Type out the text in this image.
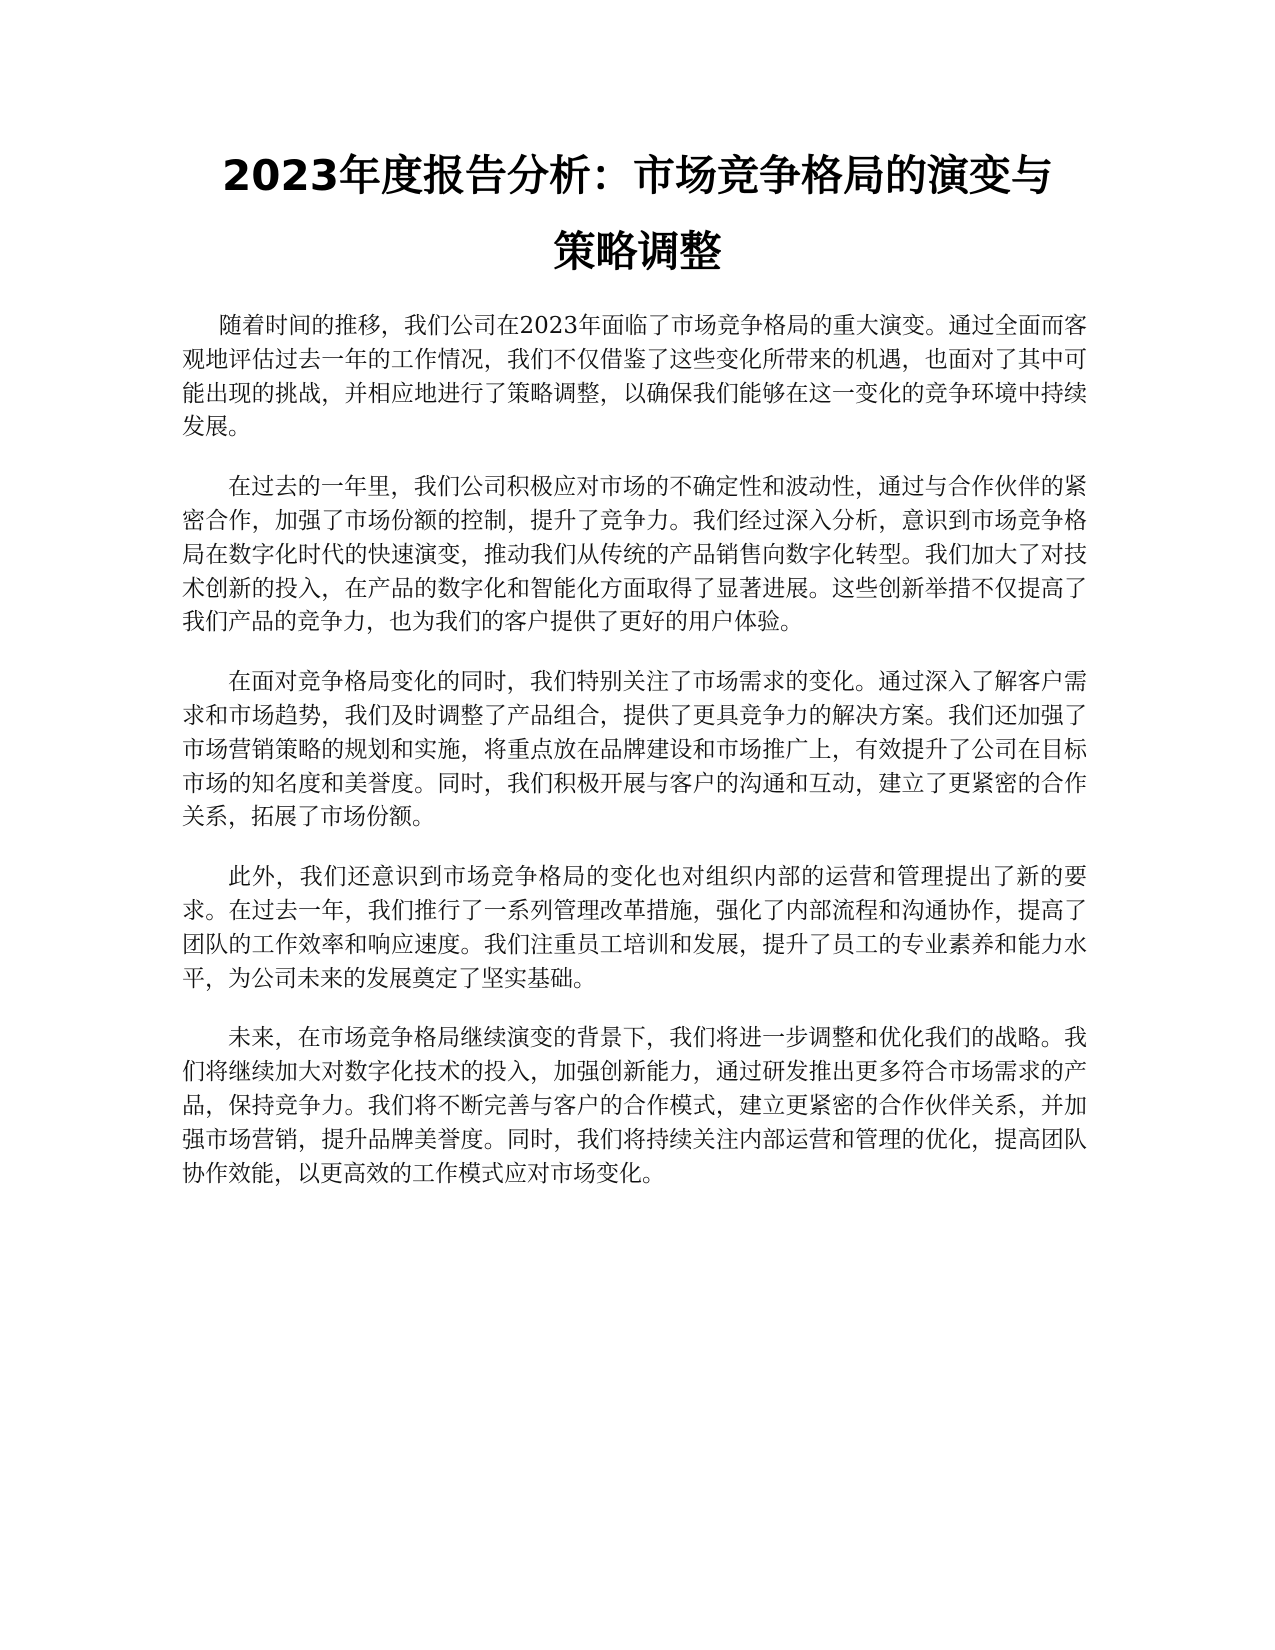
2023年度报告分析：市场竞争格局的演变与
策略调整

随着时间的推移，我们公司在2023年面临了市场竞争格局的重大演变。通过全面而客观地评估过去一年的工作情况，我们不仅借鉴了这些变化所带来的机遇，也面对了其中可能出现的挑战，并相应地进行了策略调整，以确保我们能够在这一变化的竞争环境中持续发展。

在过去的一年里，我们公司积极应对市场的不确定性和波动性，通过与合作伙伴的紧密合作，加强了市场份额的控制，提升了竞争力。我们经过深入分析，意识到市场竞争格局在数字化时代的快速演变，推动我们从传统的产品销售向数字化转型。我们加大了对技术创新的投入，在产品的数字化和智能化方面取得了显著进展。这些创新举措不仅提高了我们产品的竞争力，也为我们的客户提供了更好的用户体验。

在面对竞争格局变化的同时，我们特别关注了市场需求的变化。通过深入了解客户需求和市场趋势，我们及时调整了产品组合，提供了更具竞争力的解决方案。我们还加强了市场营销策略的规划和实施，将重点放在品牌建设和市场推广上，有效提升了公司在目标市场的知名度和美誉度。同时，我们积极开展与客户的沟通和互动，建立了更紧密的合作关系，拓展了市场份额。

此外，我们还意识到市场竞争格局的变化也对组织内部的运营和管理提出了新的要求。在过去一年，我们推行了一系列管理改革措施，强化了内部流程和沟通协作，提高了团队的工作效率和响应速度。我们注重员工培训和发展，提升了员工的专业素养和能力水平，为公司未来的发展奠定了坚实基础。

未来，在市场竞争格局继续演变的背景下，我们将进一步调整和优化我们的战略。我们将继续加大对数字化技术的投入，加强创新能力，通过研发推出更多符合市场需求的产品，保持竞争力。我们将不断完善与客户的合作模式，建立更紧密的合作伙伴关系，并加强市场营销，提升品牌美誉度。同时，我们将持续关注内部运营和管理的优化，提高团队协作效能，以更高效的工作模式应对市场变化。
